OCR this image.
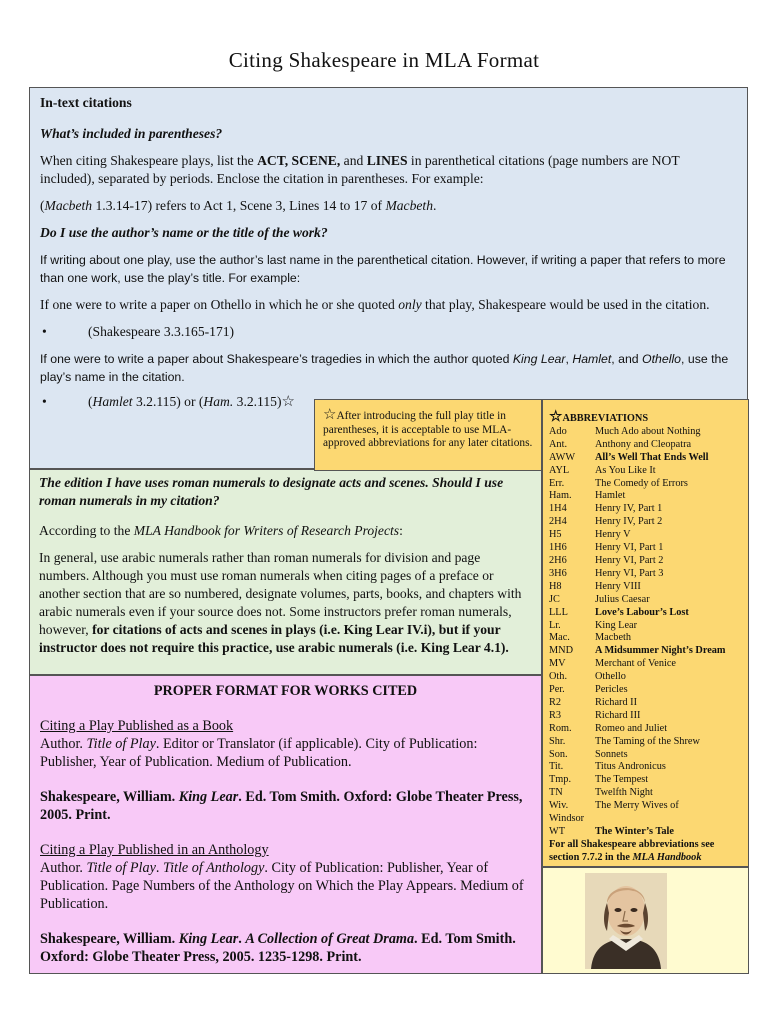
Citing Shakespeare in MLA Format

In-text citations

What’s included in parentheses?

When citing Shakespeare plays, list the ACT, SCENE, and LINES in parenthetical citations (page numbers are NOT included), separated by periods. Enclose the citation in parentheses. For example:

(Macbeth 1.3.14-17) refers to Act 1, Scene 3, Lines 14 to 17 of Macbeth.

Do I use the author’s name or the title of the work?

If writing about one play, use the author’s last name in the parenthetical citation. However, if writing a paper that refers to more than one work, use the play’s title. For example:

If one were to write a paper on Othello in which he or she quoted only that play, Shakespeare would be used in the citation.

•	(Shakespeare 3.3.165-171)

If one were to write a paper about Shakespeare’s tragedies in which the author quoted King Lear, Hamlet, and Othello, use the play’s name in the citation.

•	(Hamlet 3.2.115) or (Ham. 3.2.115)☆

The edition I have uses roman numerals to designate acts and scenes. Should I use roman numerals in my citation?

According to the MLA Handbook for Writers of Research Projects:

In general, use arabic numerals rather than roman numerals for division and page numbers. Although you must use roman numerals when citing pages of a preface or another section that are so numbered, designate volumes, parts, books, and chapters with arabic numerals even if your source does not. Some instructors prefer roman numerals, however, for citations of acts and scenes in plays (i.e. King Lear IV.i), but if your instructor does not require this practice, use arabic numerals (i.e. King Lear 4.1).

PROPER FORMAT FOR WORKS CITED

Citing a Play Published as a Book
Author. Title of Play. Editor or Translator (if applicable). City of Publication: Publisher, Year of Publication. Medium of Publication.

Shakespeare, William. King Lear. Ed. Tom Smith. Oxford: Globe Theater Press, 2005. Print.

Citing a Play Published in an Anthology
Author. Title of Play. Title of Anthology. City of Publication: Publisher, Year of Publication. Page Numbers of the Anthology on Which the Play Appears. Medium of Publication.

Shakespeare, William. King Lear. A Collection of Great Drama. Ed. Tom Smith. Oxford: Globe Theater Press, 2005. 1235-1298. Print.

☆ABBREVIATIONS
Ado	Much Ado about Nothing
Ant.	Anthony and Cleopatra
AWW	All’s Well That Ends Well
AYL	As You Like It
Err.	The Comedy of Errors
Ham.	Hamlet
1H4	Henry IV, Part 1
2H4	Henry IV, Part 2
H5	Henry V
1H6	Henry VI, Part 1
2H6	Henry VI, Part 2
3H6	Henry VI, Part 3
H8	Henry VIII
JC	Julius Caesar
LLL	Love’s Labour’s Lost
Lr.	King Lear
Mac.	Macbeth
MND	A Midsummer Night’s Dream
MV	Merchant of Venice
Oth.	Othello
Per.	Pericles
R2	Richard II
R3	Richard III
Rom.	Romeo and Juliet
Shr.	The Taming of the Shrew
Son.	Sonnets
Tit.	Titus Andronicus
Tmp.	The Tempest
TN	Twelfth Night
Wiv.	The Merry Wives of
Windsor
WT	The Winter’s Tale
For all Shakespeare abbreviations see section 7.7.2 in the MLA Handbook
☆After introducing the full play title in parentheses, it is acceptable to use MLA-approved abbreviations for any later citations.
